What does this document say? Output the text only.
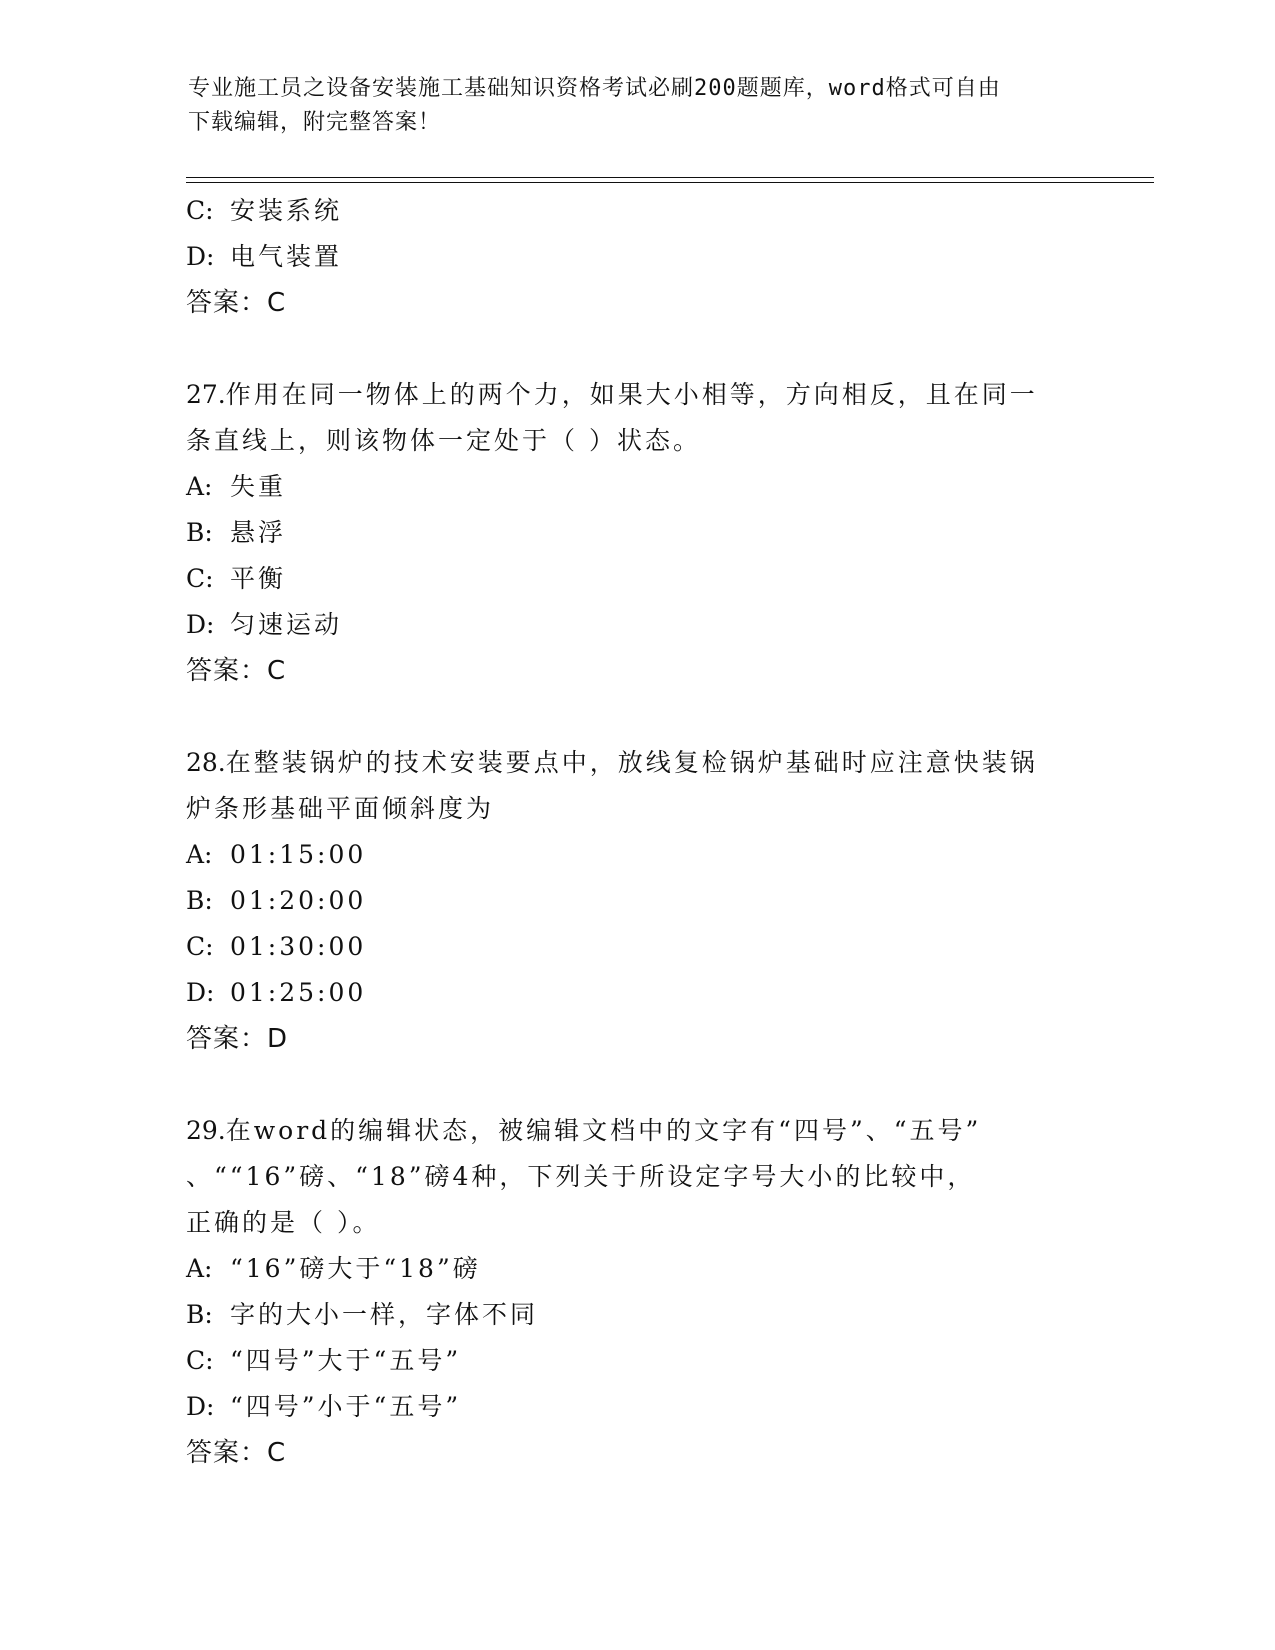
专业施工员之设备安装施工基础知识资格考试必刷200题题库，word格式可自由
下载编辑，附完整答案！
C: 安装系统
D: 电气装置
答案：C
27.作用在同一物体上的两个力，如果大小相等，方向相反，且在同一
条直线上，则该物体一定处于（ ）状态。
A: 失重
B: 悬浮
C: 平衡
D: 匀速运动
答案：C
28.在整装锅炉的技术安装要点中，放线复检锅炉基础时应注意快装锅
炉条形基础平面倾斜度为
A: 01:15:00
B: 01:20:00
C: 01:30:00
D: 01:25:00
答案：D
29.在word的编辑状态，被编辑文档中的文字有“四号”、“五号”
、““16”磅、“18”磅4种，下列关于所设定字号大小的比较中，
正确的是（ ）。
A: “16”磅大于“18”磅
B: 字的大小一样，字体不同
C: “四号”大于“五号”
D: “四号”小于“五号”
答案：C
